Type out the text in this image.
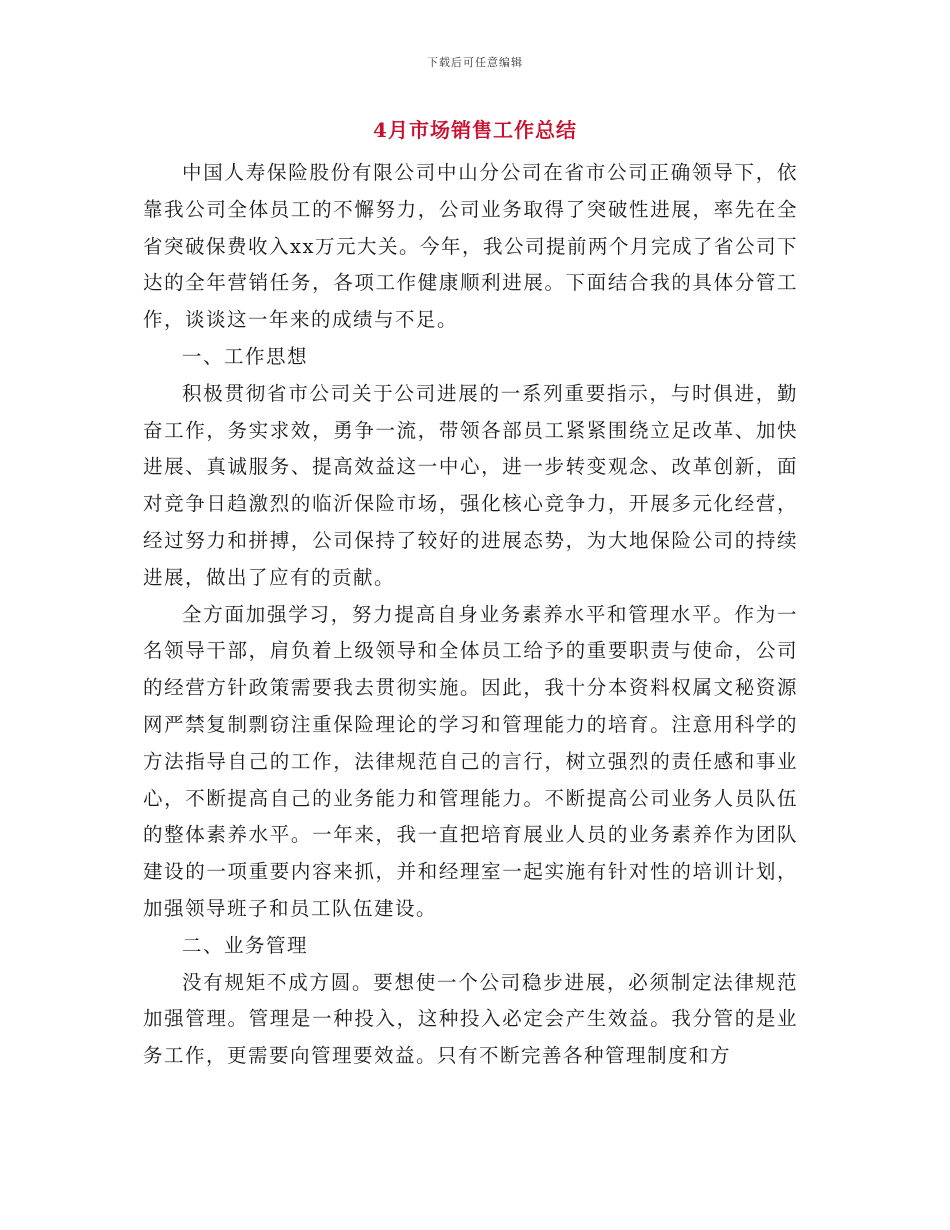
下载后可任意编辑
4月市场销售工作总结

中国人寿保险股份有限公司中山分公司在省市公司正确领导下，依靠我公司全体员工的不懈努力，公司业务取得了突破性进展，率先在全省突破保费收入xx万元大关。今年，我公司提前两个月完成了省公司下达的全年营销任务，各项工作健康顺利进展。下面结合我的具体分管工作，谈谈这一年来的成绩与不足。

一、工作思想

积极贯彻省市公司关于公司进展的一系列重要指示，与时俱进，勤奋工作，务实求效，勇争一流，带领各部员工紧紧围绕立足改革、加快进展、真诚服务、提高效益这一中心，进一步转变观念、改革创新，面对竞争日趋激烈的临沂保险市场，强化核心竞争力，开展多元化经营，经过努力和拼搏，公司保持了较好的进展态势，为大地保险公司的持续进展，做出了应有的贡献。

全方面加强学习，努力提高自身业务素养水平和管理水平。作为一名领导干部，肩负着上级领导和全体员工给予的重要职责与使命，公司的经营方针政策需要我去贯彻实施。因此，我十分本资料权属文秘资源网严禁复制剽窃注重保险理论的学习和管理能力的培育。注意用科学的方法指导自己的工作，法律规范自己的言行，树立强烈的责任感和事业心，不断提高自己的业务能力和管理能力。不断提高公司业务人员队伍的整体素养水平。一年来，我一直把培育展业人员的业务素养作为团队建设的一项重要内容来抓，并和经理室一起实施有针对性的培训计划，加强领导班子和员工队伍建设。

二、业务管理

没有规矩不成方圆。要想使一个公司稳步进展，必须制定法律规范加强管理。管理是一种投入，这种投入必定会产生效益。我分管的是业务工作，更需要向管理要效益。只有不断完善各种管理制度和方
